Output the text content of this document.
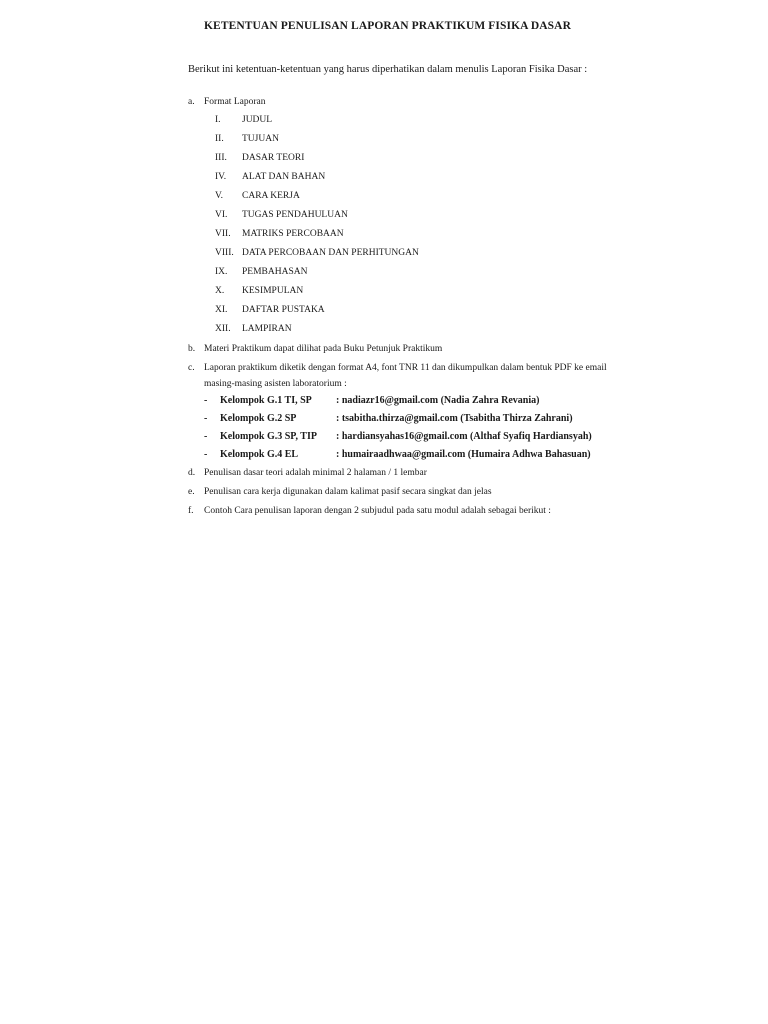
KETENTUAN PENULISAN LAPORAN PRAKTIKUM FISIKA DASAR
Berikut ini ketentuan-ketentuan yang harus diperhatikan dalam menulis Laporan Fisika Dasar :
a. Format Laporan
I. JUDUL
II. TUJUAN
III. DASAR TEORI
IV. ALAT DAN BAHAN
V. CARA KERJA
VI. TUGAS PENDAHULUAN
VII. MATRIKS PERCOBAAN
VIII. DATA PERCOBAAN DAN PERHITUNGAN
IX. PEMBAHASAN
X. KESIMPULAN
XI. DAFTAR PUSTAKA
XII. LAMPIRAN
b. Materi Praktikum dapat dilihat pada Buku Petunjuk Praktikum
c. Laporan praktikum diketik dengan format A4, font TNR 11 dan dikumpulkan dalam bentuk PDF ke email
masing-masing asisten laboratorium :
- Kelompok G.1 TI, SP : nadiazr16@gmail.com (Nadia Zahra Revania)
- Kelompok G.2 SP	: tsabitha.thirza@gmail.com (Tsabitha Thirza Zahrani)
- Kelompok G.3 SP, TIP : hardiansyahas16@gmail.com (Althaf Syafiq Hardiansyah)
- Kelompok G.4 EL	: humairaadhwaa@gmail.com (Humaira Adhwa Bahasuan)
d. Penulisan dasar teori adalah minimal 2 halaman / 1 lembar
e. Penulisan cara kerja digunakan dalam kalimat pasif secara singkat dan jelas
f. Contoh Cara penulisan laporan dengan 2 subjudul pada satu modul adalah sebagai berikut :
